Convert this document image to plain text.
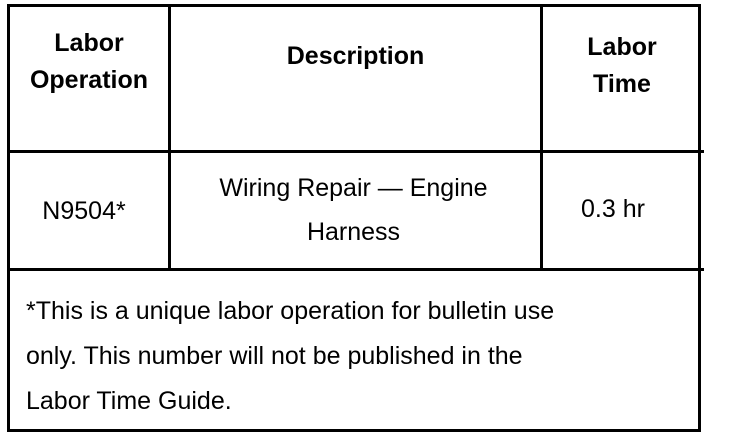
Labor
Operation
Description	Labor
Time
N9504*
Wiring Repair — Engine
Harness
0.3 hr
*This is a unique labor operation for bulletin use
only. This number will not be published in the
Labor Time Guide.
